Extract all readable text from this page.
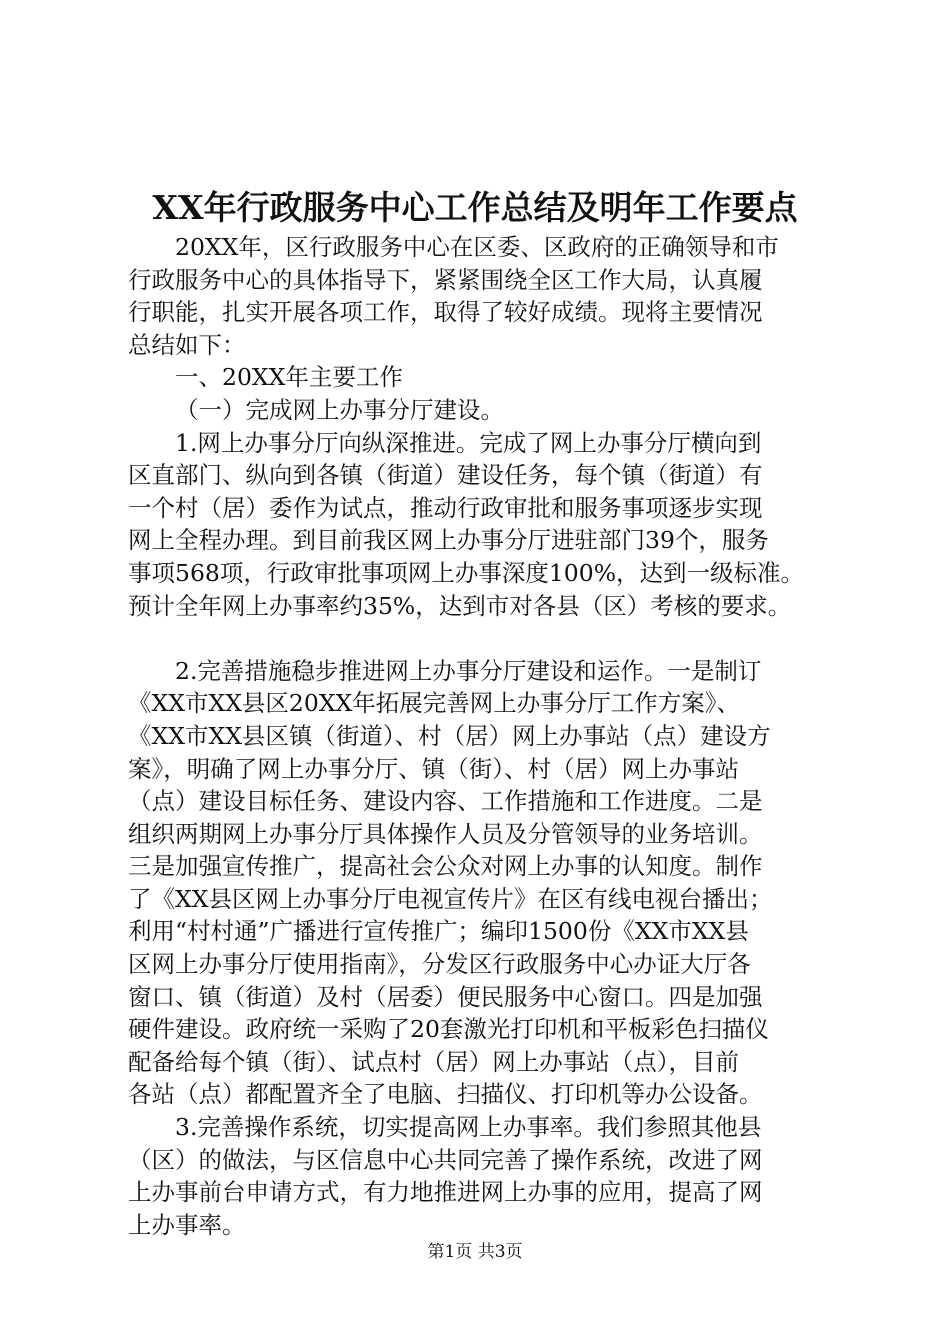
XX年行政服务中心工作总结及明年工作要点
20XX年，区行政服务中心在区委、区政府的正确领导和市
行政服务中心的具体指导下，紧紧围绕全区工作大局，认真履
行职能，扎实开展各项工作，取得了较好成绩。现将主要情况
总结如下：
一、20XX年主要工作
（一）完成网上办事分厅建设。
1.网上办事分厅向纵深推进。完成了网上办事分厅横向到
区直部门、纵向到各镇（街道）建设任务，每个镇（街道）有
一个村（居）委作为试点，推动行政审批和服务事项逐步实现
网上全程办理。到目前我区网上办事分厅进驻部门39个，服务
事项568项，行政审批事项网上办事深度100%，达到一级标准。
预计全年网上办事率约35%，达到市对各县（区）考核的要求。
2.完善措施稳步推进网上办事分厅建设和运作。一是制订
《XX市XX县区20XX年拓展完善网上办事分厅工作方案》、
《XX市XX县区镇（街道）、村（居）网上办事站（点）建设方
案》，明确了网上办事分厅、镇（街）、村（居）网上办事站
（点）建设目标任务、建设内容、工作措施和工作进度。二是
组织两期网上办事分厅具体操作人员及分管领导的业务培训。
三是加强宣传推广，提高社会公众对网上办事的认知度。制作
了《XX县区网上办事分厅电视宣传片》在区有线电视台播出；
利用“村村通”广播进行宣传推广；编印1500份《XX市XX县
区网上办事分厅使用指南》，分发区行政服务中心办证大厅各
窗口、镇（街道）及村（居委）便民服务中心窗口。四是加强
硬件建设。政府统一采购了20套激光打印机和平板彩色扫描仪
配备给每个镇（街）、试点村（居）网上办事站（点），目前
各站（点）都配置齐全了电脑、扫描仪、打印机等办公设备。
3.完善操作系统，切实提高网上办事率。我们参照其他县
（区）的做法，与区信息中心共同完善了操作系统，改进了网
上办事前台申请方式，有力地推进网上办事的应用，提高了网
上办事率。
第1页 共3页
